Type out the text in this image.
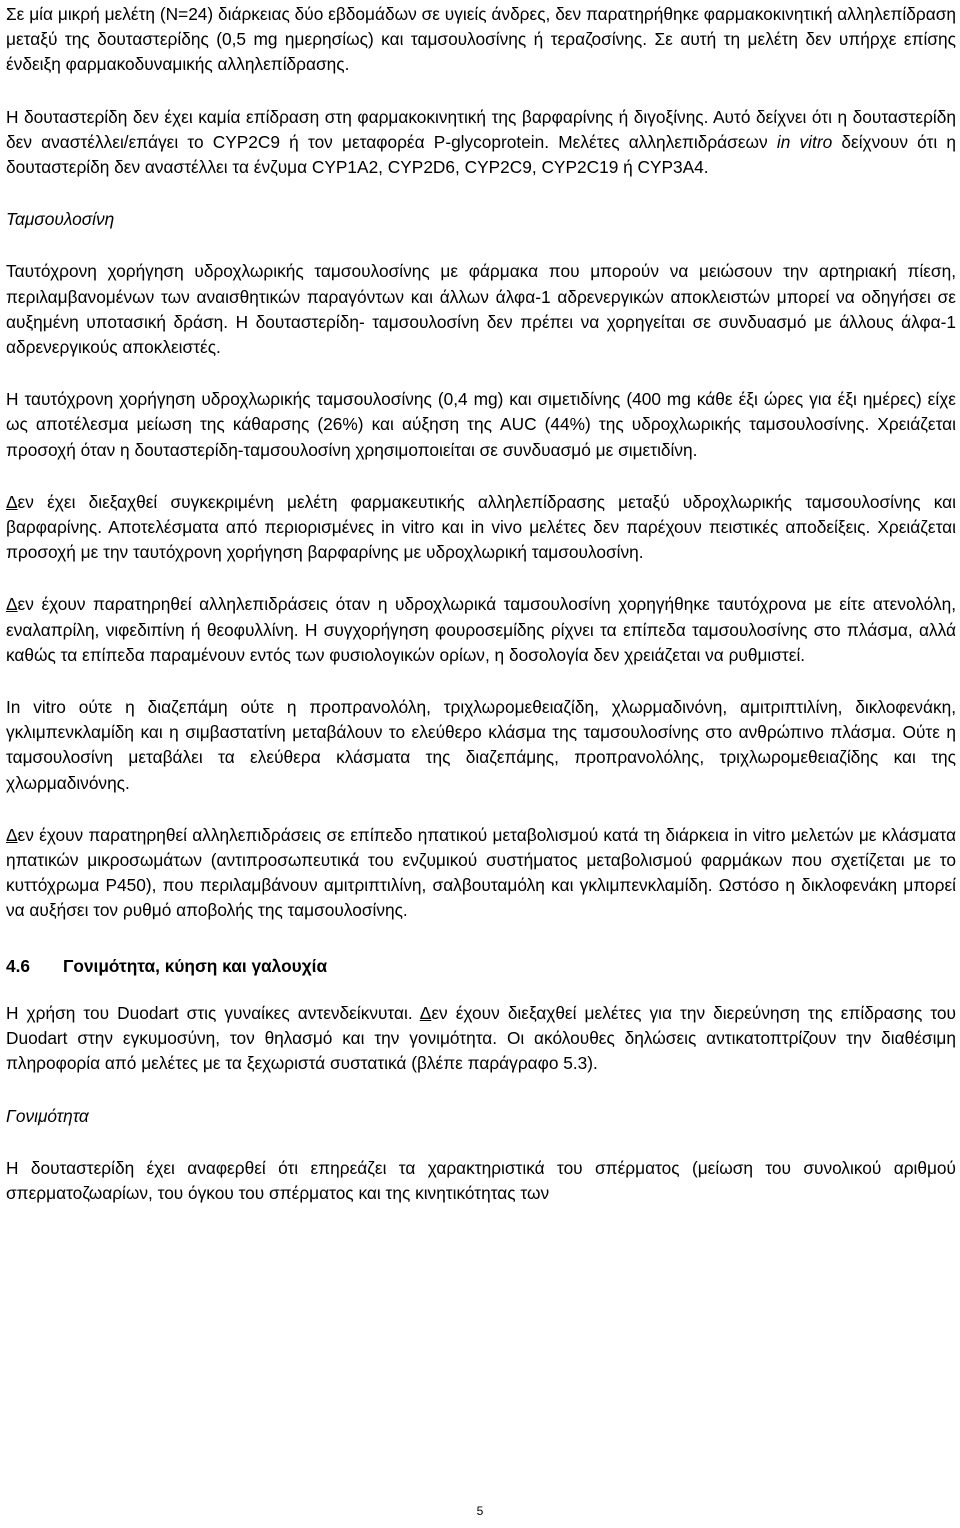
Σε μία μικρή μελέτη (N=24) διάρκειας δύο εβδομάδων σε υγιείς άνδρες, δεν παρατηρήθηκε φαρμακοκινητική αλληλεπίδραση μεταξύ της δουταστερίδης (0,5 mg ημερησίως) και ταμσουλοσίνης ή τεραζοσίνης. Σε αυτή τη μελέτη δεν υπήρχε επίσης ένδειξη φαρμακοδυναμικής αλληλεπίδρασης.

Η δουταστερίδη δεν έχει καμία επίδραση στη φαρμακοκινητική της βαρφαρίνης ή διγοξίνης. Αυτό δείχνει ότι η δουταστερίδη δεν αναστέλλει/επάγει το CYP2C9 ή τον μεταφορέα P-glycoprotein. Μελέτες αλληλεπιδράσεων in vitro δείχνουν ότι η δουταστερίδη δεν αναστέλλει τα ένζυμα CYP1A2, CYP2D6, CYP2C9, CYP2C19 ή CYP3A4.

Ταμσουλοσίνη

Ταυτόχρονη χορήγηση υδροχλωρικής ταμσουλοσίνης με φάρμακα που μπορούν να μειώσουν την αρτηριακή πίεση, περιλαμβανομένων των αναισθητικών παραγόντων και άλλων άλφα-1 αδρενεργικών αποκλειστών μπορεί να οδηγήσει σε αυξημένη υποτασική δράση. Η δουταστερίδη- ταμσουλοσίνη δεν πρέπει να χορηγείται σε συνδυασμό με άλλους άλφα-1 αδρενεργικούς αποκλειστές.

Η ταυτόχρονη χορήγηση υδροχλωρικής ταμσουλοσίνης (0,4 mg) και σιμετιδίνης (400 mg κάθε έξι ώρες για έξι ημέρες) είχε ως αποτέλεσμα μείωση της κάθαρσης (26%) και αύξηση της AUC (44%) της υδροχλωρικής ταμσουλοσίνης. Χρειάζεται προσοχή όταν η δουταστερίδη-ταμσουλοσίνη χρησιμοποιείται σε συνδυασμό με σιμετιδίνη.

Δεν έχει διεξαχθεί συγκεκριμένη μελέτη φαρμακευτικής αλληλεπίδρασης μεταξύ υδροχλωρικής ταμσουλοσίνης και βαρφαρίνης. Αποτελέσματα από περιορισμένες in vitro και in vivo μελέτες δεν παρέχουν πειστικές αποδείξεις. Χρειάζεται προσοχή με την ταυτόχρονη χορήγηση βαρφαρίνης με υδροχλωρική ταμσουλοσίνη.

Δεν έχουν παρατηρηθεί αλληλεπιδράσεις όταν η υδροχλωρικά ταμσουλοσίνη χορηγήθηκε ταυτόχρονα με είτε ατενολόλη, εναλαπρίλη, νιφεδιπίνη ή θεοφυλλίνη. Η συγχορήγηση φουροσεμίδης ρίχνει τα επίπεδα ταμσουλοσίνης στο πλάσμα, αλλά καθώς τα επίπεδα παραμένουν εντός των φυσιολογικών ορίων, η δοσολογία δεν χρειάζεται να ρυθμιστεί.

In vitro ούτε η διαζεπάμη ούτε η προπρανολόλη, τριχλωρομεθειαζίδη, χλωρμαδινόνη, αμιτριπτιλίνη, δικλοφενάκη, γκλιμπενκλαμίδη και η σιμβαστατίνη μεταβάλουν το ελεύθερο κλάσμα της ταμσουλοσίνης στο ανθρώπινο πλάσμα. Ούτε η ταμσουλοσίνη μεταβάλει τα ελεύθερα κλάσματα της διαζεπάμης, προπρανολόλης, τριχλωρομεθειαζίδης και της χλωρμαδινόνης.

Δεν έχουν παρατηρηθεί αλληλεπιδράσεις σε επίπεδο ηπατικού μεταβολισμού κατά τη διάρκεια in vitro μελετών με κλάσματα ηπατικών μικροσωμάτων (αντιπροσωπευτικά του ενζυμικού συστήματος μεταβολισμού φαρμάκων που σχετίζεται με το κυττόχρωμα P450), που περιλαμβάνουν αμιτριπτιλίνη, σαλβουταμόλη και γκλιμπενκλαμίδη. Ωστόσο η δικλοφενάκη μπορεί να αυξήσει τον ρυθμό αποβολής της ταμσουλοσίνης.

4.6 Γονιμότητα, κύηση και γαλουχία

Η χρήση του Duodart στις γυναίκες αντενδείκνυται. Δεν έχουν διεξαχθεί μελέτες για την διερεύνηση της επίδρασης του Duodart στην εγκυμοσύνη, τον θηλασμό και την γονιμότητα. Οι ακόλουθες δηλώσεις αντικατοπτρίζουν την διαθέσιμη πληροφορία από μελέτες με τα ξεχωριστά συστατικά (βλέπε παράγραφο 5.3).

Γονιμότητα

Η δουταστερίδη έχει αναφερθεί ότι επηρεάζει τα χαρακτηριστικά του σπέρματος (μείωση του συνολικού αριθμού σπερματοζωαρίων, του όγκου του σπέρματος και της κινητικότητας των

5
